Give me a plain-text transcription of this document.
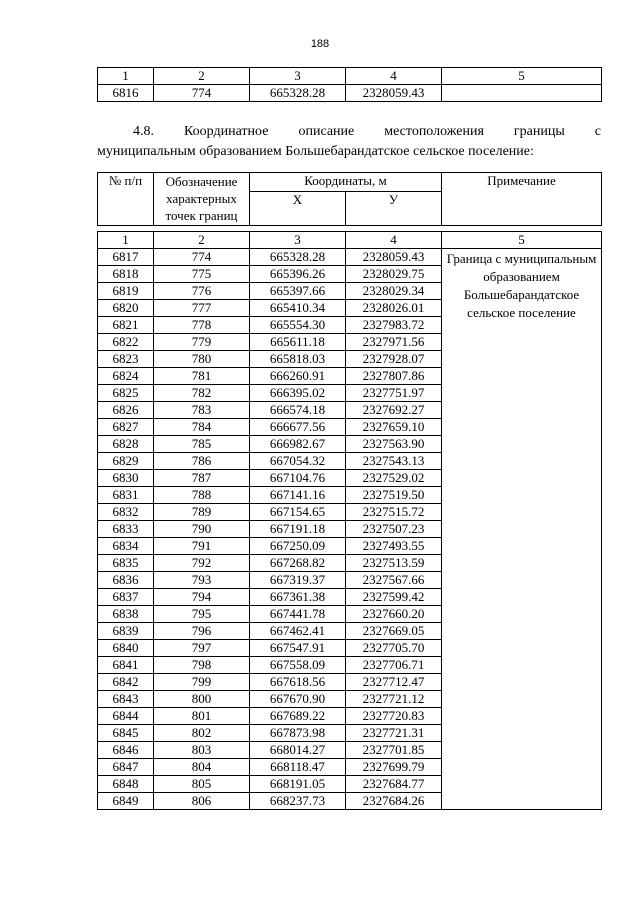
188
1	2	3	4	5
6816	774	665328.28	2328059.43	
4.8. Координатное описание местоположения границы с
муниципальным образованием Большебарандатское сельское поселение:
№ п/п	Обозначение характерных точек границ	Координаты, м		Примечание
		X	У	

1	2	3	4	5
6817	774	665328.28	2328059.43	Граница с муниципальным образованием Большебарандатское сельское поселение
6818	775	665396.26	2328029.75	
6819	776	665397.66	2328029.34	
6820	777	665410.34	2328026.01	
6821	778	665554.30	2327983.72	
6822	779	665611.18	2327971.56	
6823	780	665818.03	2327928.07	
6824	781	666260.91	2327807.86	
6825	782	666395.02	2327751.97	
6826	783	666574.18	2327692.27	
6827	784	666677.56	2327659.10	
6828	785	666982.67	2327563.90	
6829	786	667054.32	2327543.13	
6830	787	667104.76	2327529.02	
6831	788	667141.16	2327519.50	
6832	789	667154.65	2327515.72	
6833	790	667191.18	2327507.23	
6834	791	667250.09	2327493.55	
6835	792	667268.82	2327513.59	
6836	793	667319.37	2327567.66	
6837	794	667361.38	2327599.42	
6838	795	667441.78	2327660.20	
6839	796	667462.41	2327669.05	
6840	797	667547.91	2327705.70	
6841	798	667558.09	2327706.71	
6842	799	667618.56	2327712.47	
6843	800	667670.90	2327721.12	
6844	801	667689.22	2327720.83	
6845	802	667873.98	2327721.31	
6846	803	668014.27	2327701.85	
6847	804	668118.47	2327699.79	
6848	805	668191.05	2327684.77	
6849	806	668237.73	2327684.26	
